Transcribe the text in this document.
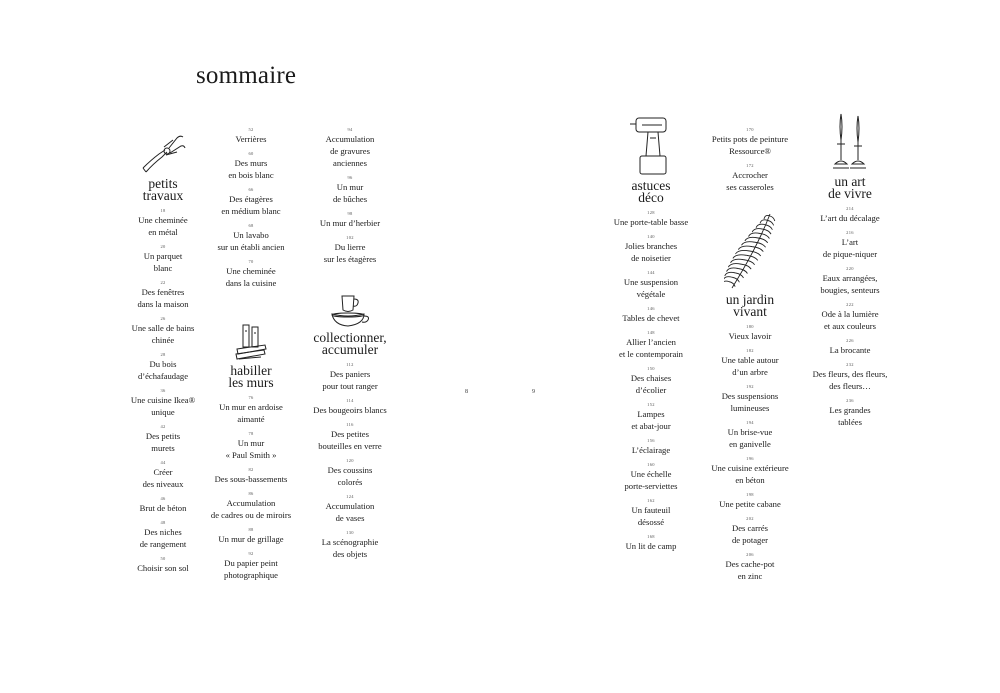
sommaire
8	9
petits
travaux
18
Une cheminée
en métal
20
Un parquet
blanc
22
Des fenêtres
dans la maison
26
Une salle de bains
chinée
28
Du bois
d’échafaudage
36
Une cuisine Ikea®
unique
42
Des petits
murets
44
Créer
des niveaux
46
Brut de béton
48
Des niches
de rangement
50
Choisir son sol
52
Verrières
60
Des murs
en bois blanc
66
Des étagères
en médium blanc
68
Un lavabo
sur un établi ancien
70
Une cheminée
dans la cuisine
habiller
les murs
76
Un mur en ardoise
aimanté
78
Un mur
« Paul Smith »
82
Des sous-bassements
86
Accumulation
de cadres ou de miroirs
88
Un mur de grillage
92
Du papier peint
photographique
94
Accumulation
de gravures
anciennes
96
Un mur
de bûches
98
Un mur d’herbier
102
Du lierre
sur les étagères
collectionner,
accumuler
112
Des paniers
pour tout ranger
114
Des bougeoirs blancs
116
Des petites
bouteilles en verre
120
Des coussins
colorés
124
Accumulation
de vases
130
La scénographie
des objets
astuces
déco
128
Une porte-table basse
140
Jolies branches
de noisetier
144
Une suspension
végétale
146
Tables de chevet
148
Allier l’ancien
et le contemporain
150
Des chaises
d’écolier
152
Lampes
et abat-jour
156
L’éclairage
160
Une échelle
porte-serviettes
162
Un fauteuil
désossé
168
Un lit de camp
170
Petits pots de peinture
Ressource®
172
Accrocher
ses casseroles
un jardin
vivant
180
Vieux lavoir
182
Une table autour
d’un arbre
192
Des suspensions
lumineuses
194
Un brise-vue
en ganivelle
196
Une cuisine extérieure
en béton
198
Une petite cabane
202
Des carrés
de potager
206
Des cache-pot
en zinc
un art
de vivre
214
L’art du décalage
216
L’art
de pique-niquer
220
Eaux arrangées,
bougies, senteurs
222
Ode à la lumière
et aux couleurs
226
La brocante
232
Des fleurs, des fleurs,
des fleurs…
236
Les grandes
tablées
